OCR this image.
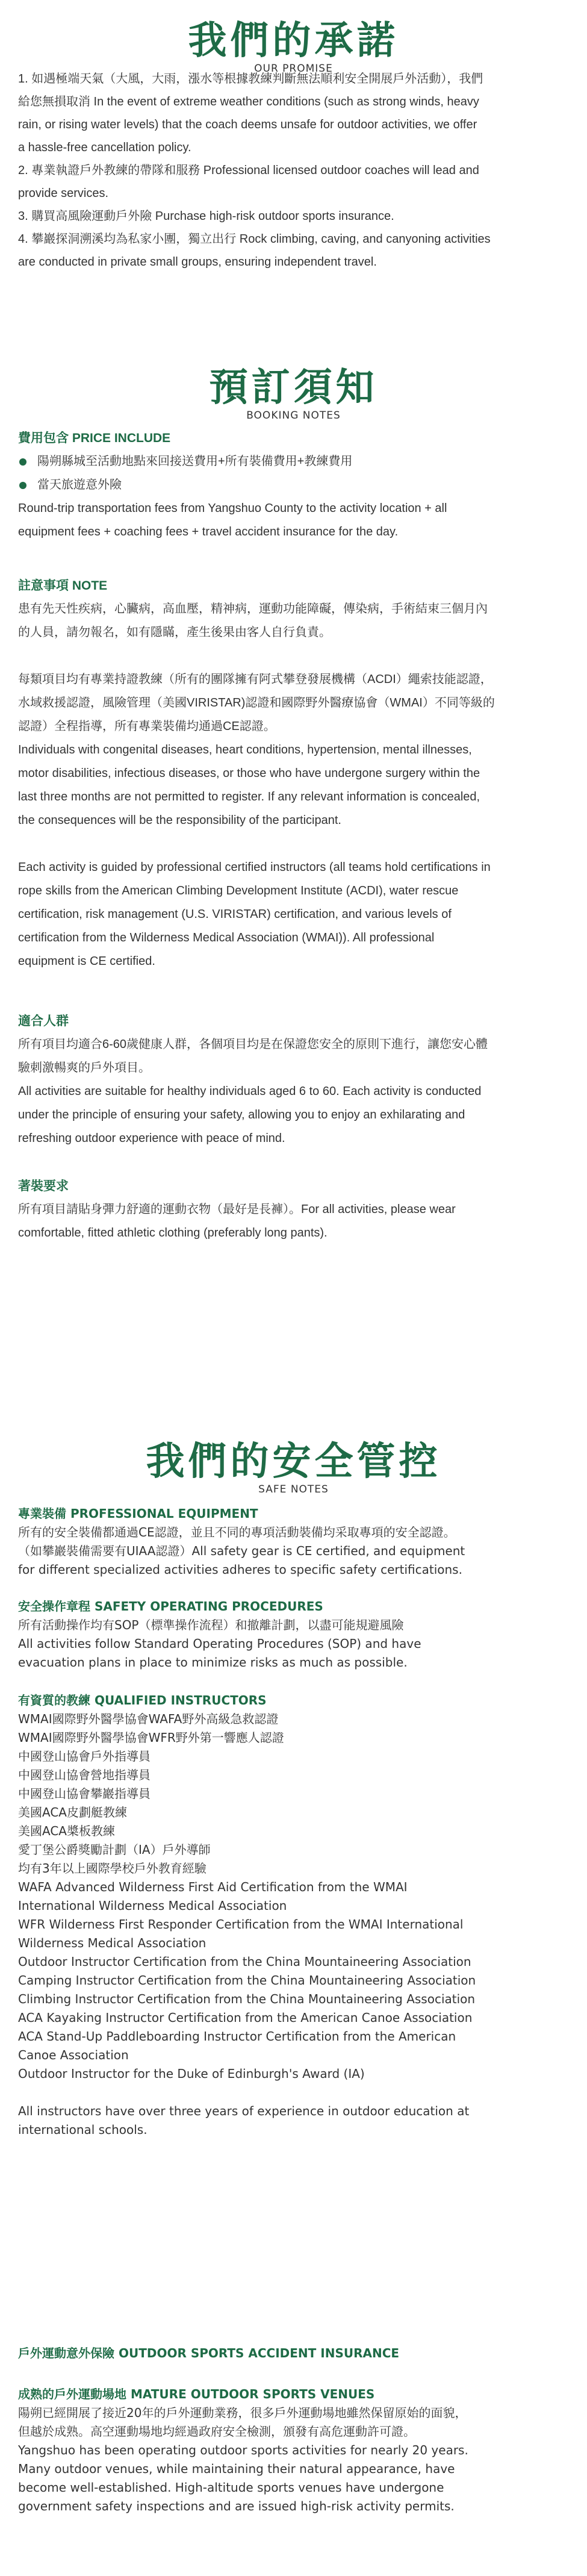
我們的承諾
OUR PROMISE

1. 如遇極端天氣（大風，大雨，漲水等根據教練判斷無法順利安全開展戶外活動），我們

給您無損取消 In the event of extreme weather conditions (such as strong winds, heavy

rain, or rising water levels) that the coach deems unsafe for outdoor activities, we offer

a hassle-free cancellation policy.

2. 專業執證戶外教練的帶隊和服務 Professional licensed outdoor coaches will lead and

provide services.

3. 購買高風險運動戶外險 Purchase high-risk outdoor sports insurance.

4. 攀巖探洞溯溪均為私家小團，獨立出行 Rock climbing, caving, and canyoning activities

are conducted in private small groups, ensuring independent travel.

預訂須知
BOOKING NOTES

費用包含 PRICE INCLUDE

陽朔縣城至活動地點來回接送費用+所有裝備費用+教練費用

當天旅遊意外險

Round-trip transportation fees from Yangshuo County to the activity location + all

equipment fees + coaching fees + travel accident insurance for the day.

註意事項 NOTE

患有先天性疾病，心臟病，高血壓，精神病，運動功能障礙，傳染病，手術結束三個月內

的人員，請勿報名，如有隱瞞，產生後果由客人自行負責。

每類項目均有專業持證教練（所有的團隊擁有阿式攀登發展機構（ACDI）繩索技能認證，

水域救援認證，風險管理（美國VIRISTAR)認證和國際野外醫療協會（WMAI）不同等級的

認證）全程指導，所有專業裝備均通過CE認證。

Individuals with congenital diseases, heart conditions, hypertension, mental illnesses,

motor disabilities, infectious diseases, or those who have undergone surgery within the

last three months are not permitted to register. If any relevant information is concealed,

the consequences will be the responsibility of the participant.

Each activity is guided by professional certified instructors (all teams hold certifications in

rope skills from the American Climbing Development Institute (ACDI), water rescue

certification, risk management (U.S. VIRISTAR) certification, and various levels of

certification from the Wilderness Medical Association (WMAI)). All professional

equipment is CE certified.

適合人群

所有項目均適合6-60歲健康人群，各個項目均是在保證您安全的原則下進行，讓您安心體

驗刺激暢爽的戶外項目。

All activities are suitable for healthy individuals aged 6 to 60. Each activity is conducted

under the principle of ensuring your safety, allowing you to enjoy an exhilarating and

refreshing outdoor experience with peace of mind.

著裝要求

所有項目請貼身彈力舒適的運動衣物（最好是長褲）。For all activities, please wear

comfortable, fitted athletic clothing (preferably long pants).

我們的安全管控
SAFE NOTES

專業裝備 PROFESSIONAL EQUIPMENT

所有的安全裝備都通過CE認證，並且不同的專項活動裝備均采取專項的安全認證。

（如攀巖裝備需要有UIAA認證）All safety gear is CE certified, and equipment

for different specialized activities adheres to specific safety certifications.

安全操作章程 SAFETY OPERATING PROCEDURES

所有活動操作均有SOP（標準操作流程）和撤離計劃，以盡可能規避風險

All activities follow Standard Operating Procedures (SOP) and have

evacuation plans in place to minimize risks as much as possible.

有資質的教練 QUALIFIED INSTRUCTORS

WMAI國際野外醫學協會WAFA野外高級急救認證

WMAI國際野外醫學協會WFR野外第一響應人認證

中國登山協會戶外指導員

中國登山協會營地指導員

中國登山協會攀巖指導員

美國ACA皮劃艇教練

美國ACA槳板教練

愛丁堡公爵獎勵計劃（IA）戶外導師

均有3年以上國際學校戶外教育經驗

WAFA Advanced Wilderness First Aid Certification from the WMAI

International Wilderness Medical Association

WFR Wilderness First Responder Certification from the WMAI International

Wilderness Medical Association

Outdoor Instructor Certification from the China Mountaineering Association

Camping Instructor Certification from the China Mountaineering Association

Climbing Instructor Certification from the China Mountaineering Association

ACA Kayaking Instructor Certification from the American Canoe Association

ACA Stand-Up Paddleboarding Instructor Certification from the American

Canoe Association

Outdoor Instructor for the Duke of Edinburgh's Award (IA)

All instructors have over three years of experience in outdoor education at

international schools.

戶外運動意外保險 OUTDOOR SPORTS ACCIDENT INSURANCE

成熟的戶外運動場地 MATURE OUTDOOR SPORTS VENUES

陽朔已經開展了接近20年的戶外運動業務，很多戶外運動場地雖然保留原始的面貌，

但越於成熟。高空運動場地均經過政府安全檢測，頒發有高危運動許可證。

Yangshuo has been operating outdoor sports activities for nearly 20 years.

Many outdoor venues, while maintaining their natural appearance, have

become well-established. High-altitude sports venues have undergone

government safety inspections and are issued high-risk activity permits.
